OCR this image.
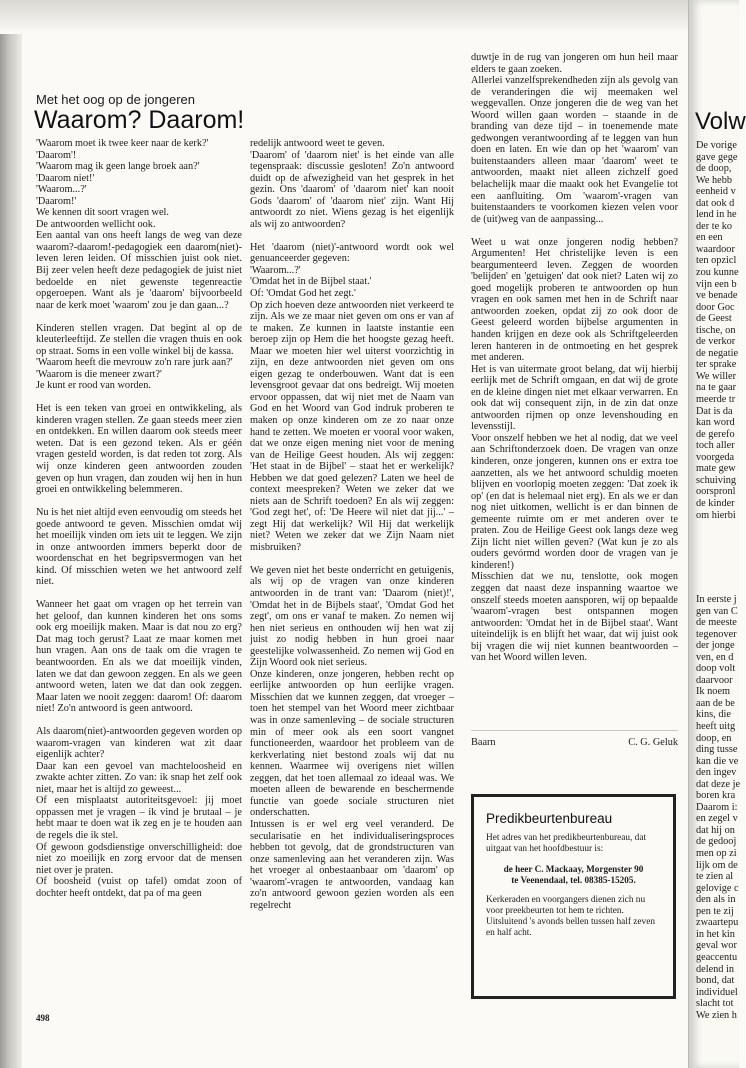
Met het oog op de jongeren
Waarom? Daarom!

'Waarom moet ik twee keer naar de kerk?'
'Daarom'!
'Waarom mag ik geen lange broek aan?'
'Daarom niet!'
'Waarom...?'
'Daarom!'
We kennen dit soort vragen wel.
De antwoorden wellicht ook.
Een aantal van ons heeft langs de weg van deze waarom?-daarom!-pedagogiek een daarom(niet)-leven leren leiden. Of misschien juist ook niet. Bij zeer velen heeft deze pedagogiek de juist niet bedoelde en niet gewenste tegenreactie opgeroepen. Want als je 'daarom' bijvoorbeeld naar de kerk moet 'waarom' zou je dan gaan...?

Kinderen stellen vragen. Dat begint al op de kleuterleeftijd. Ze stellen die vragen thuis en ook op straat. Soms in een volle winkel bij de kassa.
'Waarom heeft die mevrouw zo'n rare jurk aan?'
'Waarom is die meneer zwart?'
Je kunt er rood van worden.

Het is een teken van groei en ontwikkeling, als kinderen vragen stellen. Ze gaan steeds meer zien en ontdekken. En willen daarom ook steeds meer weten. Dat is een gezond teken. Als er géén vragen gesteld worden, is dat reden tot zorg. Als wij onze kinderen geen antwoorden zouden geven op hun vragen, dan zouden wij hen in hun groei en ontwikkeling belemmeren.

Nu is het niet altijd even eenvoudig om steeds het goede antwoord te geven. Misschien omdat wij het moeilijk vinden om iets uit te leggen. We zijn in onze antwoorden immers beperkt door de woordenschat en het begripsvermogen van het kind. Of misschien weten we het antwoord zelf niet.

Wanneer het gaat om vragen op het terrein van het geloof, dan kunnen kinderen het ons soms ook erg moeilijk maken. Maar is dat nou zo erg? Dat mag toch gerust? Laat ze maar komen met hun vragen. Aan ons de taak om die vragen te beantwoorden. En als we dat moeilijk vinden, laten we dat dan gewoon zeggen. En als we geen antwoord weten, laten we dat dan ook zeggen. Maar laten we nooit zeggen: daarom! Of: daarom niet! Zo'n antwoord is geen antwoord.

Als daarom(niet)-antwoorden gegeven worden op waarom-vragen van kinderen wat zit daar eigenlijk achter?
Daar kan een gevoel van machteloosheid en zwakte achter zitten. Zo van: ik snap het zelf ook niet, maar het is altijd zo geweest...
Of een misplaatst autoriteitsgevoel: jij moet oppassen met je vragen – ik vind je brutaal – je hebt maar te doen wat ik zeg en je te houden aan de regels die ik stel.
Of gewoon godsdienstige onverschilligheid: doe niet zo moeilijk en zorg ervoor dat de mensen niet over je praten.
Of boosheid (vuist op tafel) omdat zoon of dochter heeft ontdekt, dat pa of ma geen

redelijk antwoord weet te geven.
'Daarom' of 'daarom niet' is het einde van alle tegenspraak: discussie gesloten! Zo'n antwoord duidt op de afwezigheid van het gesprek in het gezin. Ons 'daarom' of 'daarom niet' kan nooit Gods 'daarom' of 'daarom niet' zijn. Want Hij antwoordt zo niet. Wiens gezag is het eigenlijk als wij zo antwoorden?

Het 'daarom (niet)'-antwoord wordt ook wel genuanceerder gegeven:
'Waarom...?'
'Omdat het in de Bijbel staat.'
Of: 'Omdat God het zegt.'
Op zich hoeven deze antwoorden niet verkeerd te zijn. Als we ze maar niet geven om ons er van af te maken. Ze kunnen in laatste instantie een beroep zijn op Hem die het hoogste gezag heeft. Maar we moeten hier wel uiterst voorzichtig in zijn, en deze antwoorden niet geven om ons eigen gezag te onderbouwen. Want dat is een levensgroot gevaar dat ons bedreigt. Wij moeten ervoor oppassen, dat wij niet met de Naam van God en het Woord van God indruk proberen te maken op onze kinderen om ze zo naar onze hand te zetten. We moeten er vooral voor waken, dat we onze eigen mening niet voor de mening van de Heilige Geest houden. Als wij zeggen: 'Het staat in de Bijbel' – staat het er werkelijk? Hebben we dat goed gelezen? Laten we heel de context meespreken? Weten we zeker dat we niets aan de Schrift toedoen? En als wij zeggen: 'God zegt het', of: 'De Heere wil niet dat jij...' – zegt Hij dat werkelijk? Wil Hij dat werkelijk niet? Weten we zeker dat we Zijn Naam niet misbruiken?

We geven niet het beste onderricht en getuigenis, als wij op de vragen van onze kinderen antwoorden in de trant van: 'Daarom (niet)!', 'Omdat het in de Bijbels staat', 'Omdat God het zegt', om ons er vanaf te maken. Zo nemen wij hen niet serieus en onthouden wij hen wat zij juist zo nodig hebben in hun groei naar geestelijke volwassenheid. Zo nemen wij God en Zijn Woord ook niet serieus.
Onze kinderen, onze jongeren, hebben recht op eerlijke antwoorden op hun eerlijke vragen. Misschien dat we kunnen zeggen, dat vroeger – toen het stempel van het Woord meer zichtbaar was in onze samenleving – de sociale structuren min of meer ook als een soort vangnet functioneerden, waardoor het probleem van de kerkverlating niet bestond zoals wij dat nu kennen. Waarmee wij overigens niet willen zeggen, dat het toen allemaal zo ideaal was. We moeten alleen de bewarende en beschermende functie van goede sociale structuren niet onderschatten.
Intussen is er wel erg veel veranderd. De secularisatie en het individualiseringsproces hebben tot gevolg, dat de grondstructuren van onze samenleving aan het veranderen zijn. Was het vroeger al onbestaanbaar om 'daarom' op 'waarom'-vragen te antwoorden, vandaag kan zo'n antwoord gewoon gezien worden als een regelrecht

duwtje in de rug van jongeren om hun heil maar elders te gaan zoeken.
Allerlei vanzelfsprekendheden zijn als gevolg van de veranderingen die wij meemaken wel weggevallen. Onze jongeren die de weg van het Woord willen gaan worden – staande in de branding van deze tijd – in toenemende mate gedwongen verantwoording af te leggen van hun doen en laten. En wie dan op het 'waarom' van buitenstaanders alleen maar 'daarom' weet te antwoorden, maakt niet alleen zichzelf goed belachelijk maar die maakt ook het Evangelie tot een aanfluiting. Om 'waarom'-vragen van buitenstaanders te voorkomen kiezen velen voor de (uit)weg van de aanpassing...

Weet u wat onze jongeren nodig hebben? Argumenten! Het christelijke leven is een beargumenteerd leven. Zeggen de woorden 'belijden' en 'getuigen' dat ook niet? Laten wij zo goed mogelijk proberen te antwoorden op hun vragen en ook samen met hen in de Schrift naar antwoorden zoeken, opdat zij zo ook door de Geest geleerd worden bijbelse argumenten in handen krijgen en deze ook als Schriftgeleerden leren hanteren in de ontmoeting en het gesprek met anderen.
Het is van uitermate groot belang, dat wij hierbij eerlijk met de Schrift omgaan, en dat wij de grote en de kleine dingen niet met elkaar verwarren. En ook dat wij consequent zijn, in de zin dat onze antwoorden rijmen op onze levenshouding en levensstijl.
Voor onszelf hebben we het al nodig, dat we veel aan Schriftonderzoek doen. De vragen van onze kinderen, onze jongeren, kunnen ons er extra toe aanzetten, als we het antwoord schuldig moeten blijven en voorlopig moeten zeggen: 'Dat zoek ik op' (en dat is helemaal niet erg). En als we er dan nog niet uitkomen, wellicht is er dan binnen de gemeente ruimte om er met anderen over te praten. Zou de Heilige Geest ook langs deze weg Zijn licht niet willen geven? (Wat kun je zo als ouders gevórmd worden door de vragen van je kinderen!)
Misschien dat we nu, tenslotte, ook mogen zeggen dat naast deze inspanning waartoe we onszelf steeds moeten aansporen, wij op bepaalde 'waarom'-vragen best ontspannen mogen antwoorden: 'Omdat het in de Bijbel staat'. Want uiteindelijk is en blijft het waar, dat wij juist ook bij vragen die wij niet kunnen beantwoorden – van het Woord willen leven.

Baarn	C. G. Geluk
Predikbeurtenbureau

Het adres van het predikbeurtenbureau, dat uitgaat van het hoofdbestuur is:

de heer C. Mackaay, Morgenster 90
te Veenendaal, tel. 08385-15205.

Kerkeraden en voorgangers dienen zich nu voor preekbeurten tot hem te richten. Uitsluitend 's avonds bellen tussen half zeven en half acht.

498
Volw
De vorige
gave gege
de doop,
We hebb
eenheid v
dat ook d
lend in he
der te ko
en een
waardoor
ten opzicl
zou kunne
vijn een b
ve benade
door Goc
de Geest
tische, on
de verkor
de negatie
ter sprake
We willer
na te gaar
meerde tr
Dat is da
kan word
de gerefo
toch aller
voorgeda
mate gew
schuiving
oorspronl
de kinder
om hierbi
In eerste j
gen van C
de meeste
tegenover
der jonge
ven, en d
doop volt
daarvoor
Ik noem
aan de be
kins, die
heeft uitg
doop, en
ding tusse
kan die ve
den ingev
dat deze je
boren kra
Daarom i:
en zegel v
dat hij on
de gedooj
men op zi
lijk om de
te zien al
gelovige c
den als in
pen te zij
zwaartepu
in het kin
geval wor
geaccentu
delend in
bond, dat
individuel
slacht tot
We zien h
